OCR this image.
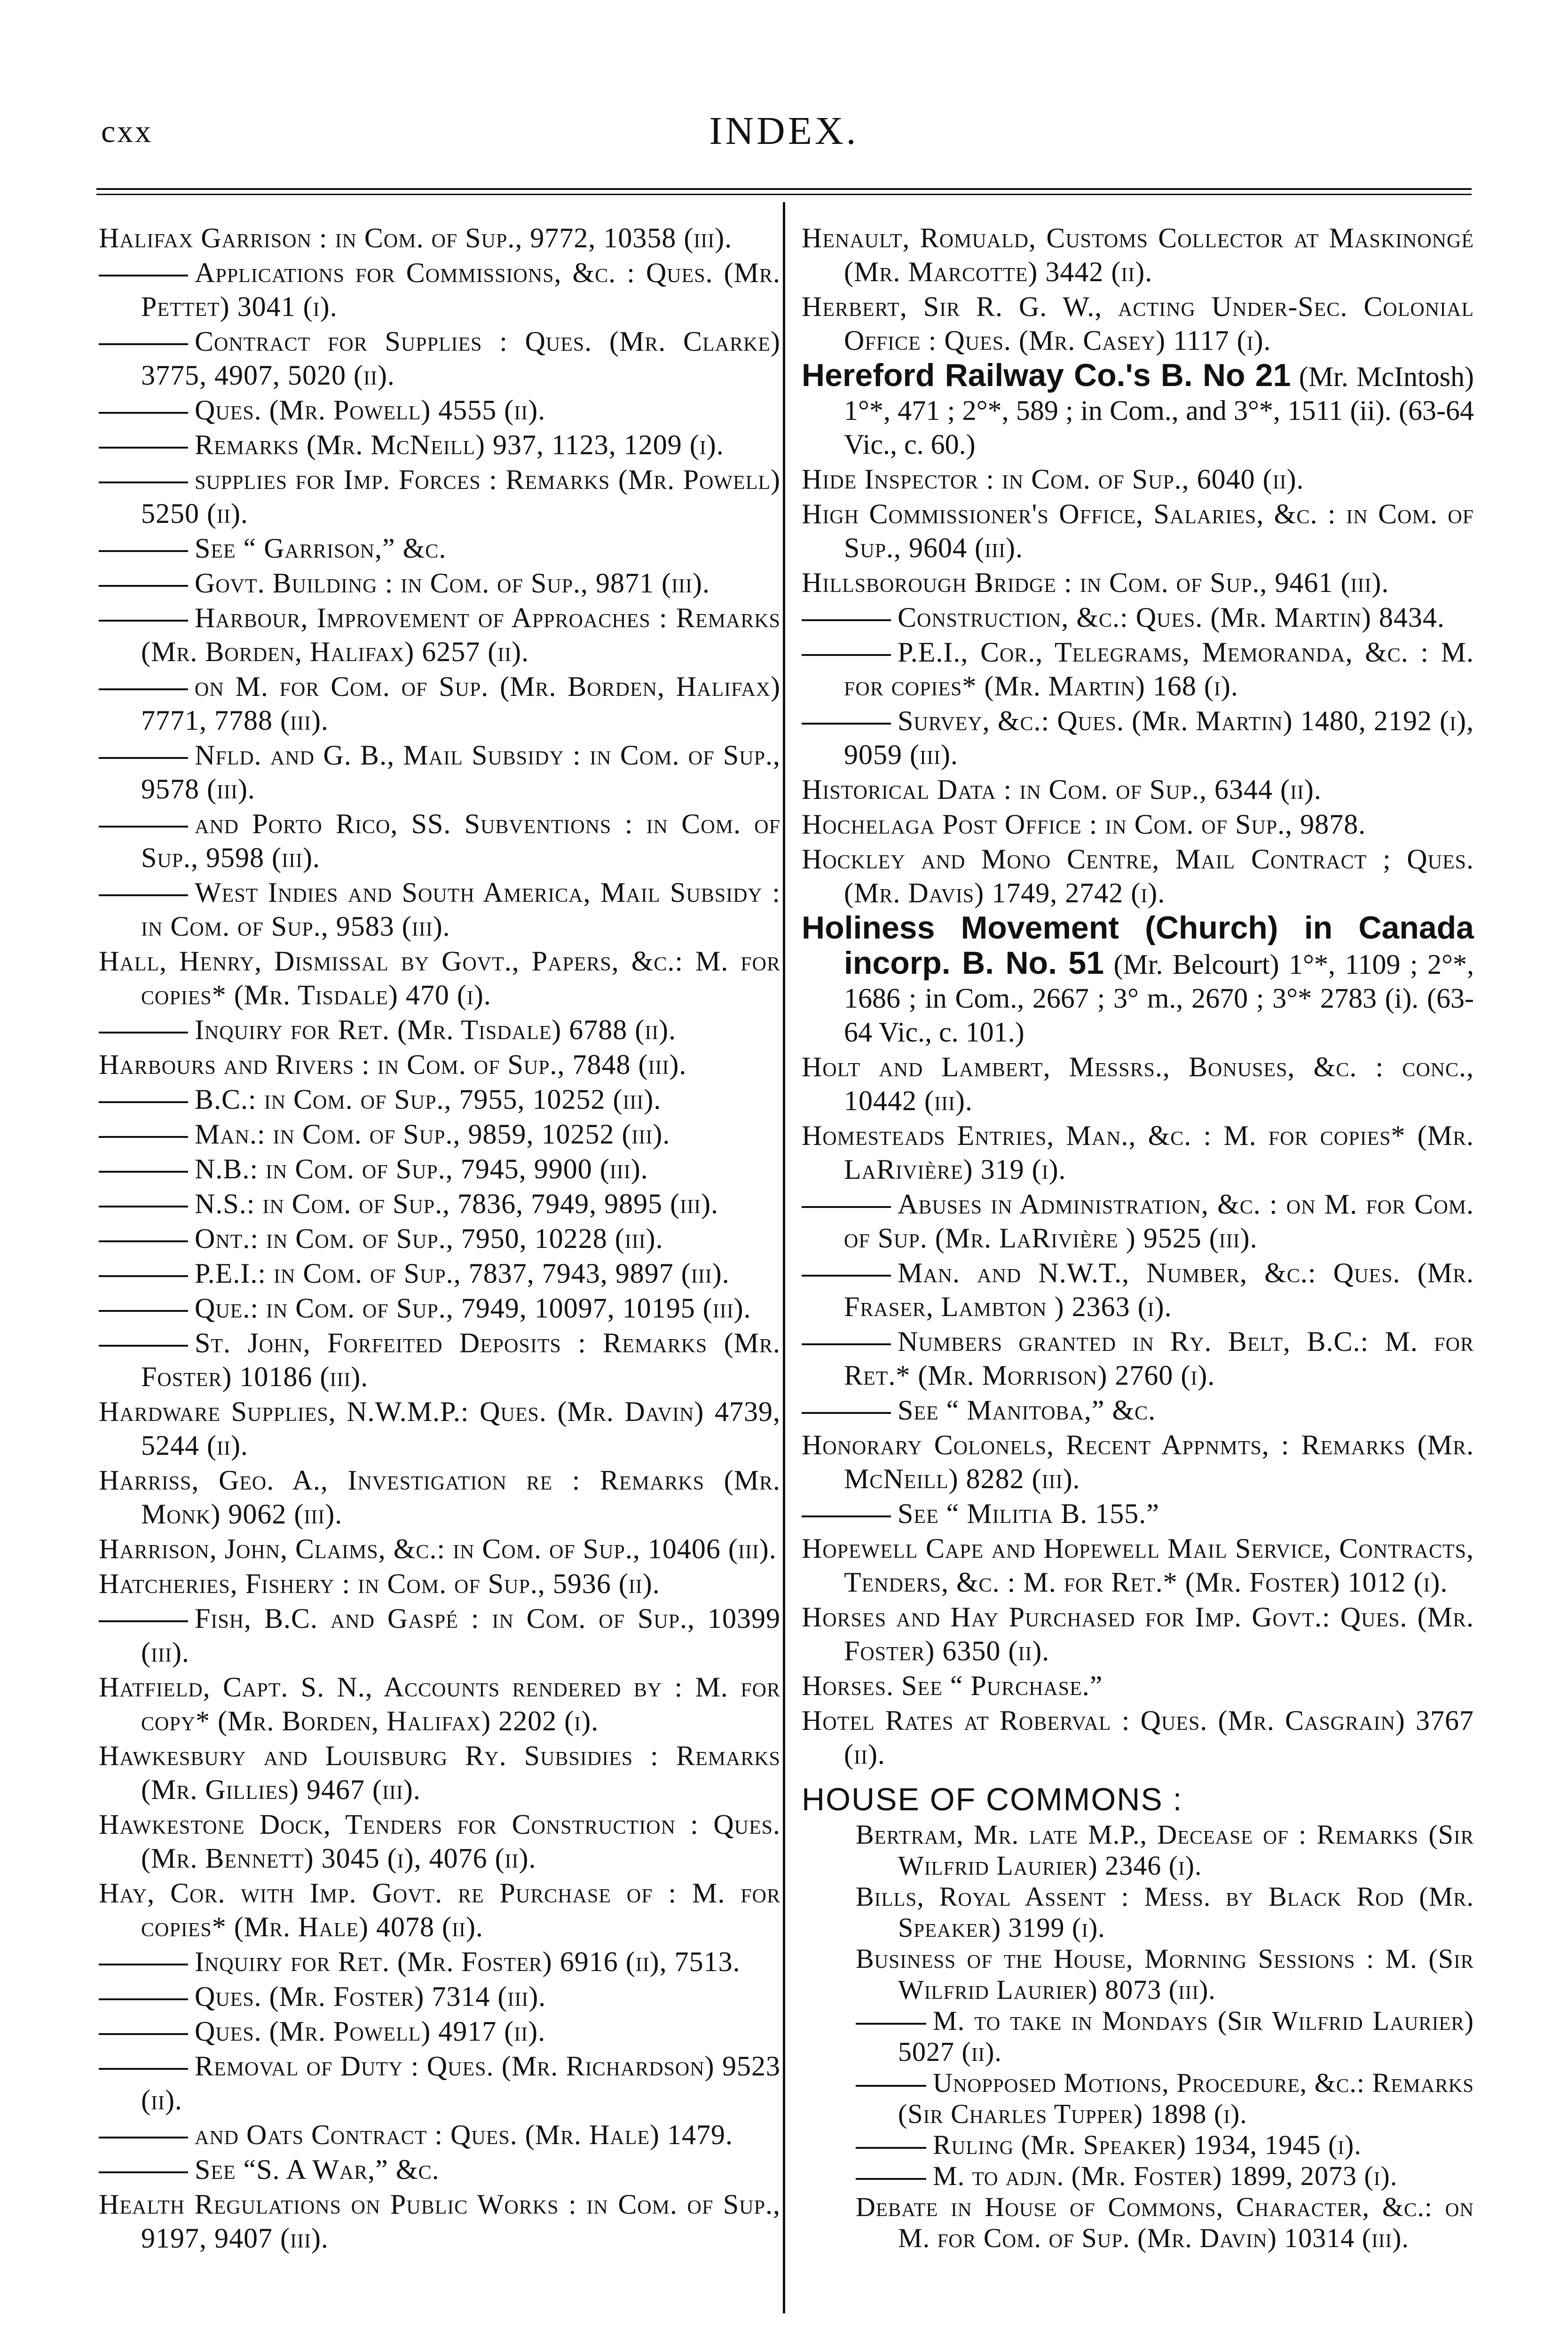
cxx	INDEX.

Halifax Garrison : in Com. of Sup., 9772, 10358 (iii).

Applications for Commissions, &c. : Ques. (Mr. Pettet) 3041 (i).

Contract for Supplies : Ques. (Mr. Clarke) 3775, 4907, 5020 (ii).

Ques. (Mr. Powell) 4555 (ii).

Remarks (Mr. McNeill) 937, 1123, 1209 (i).

supplies for Imp. Forces : Remarks (Mr. Powell) 5250 (ii).

See “ Garrison,” &c.

Govt. Building : in Com. of Sup., 9871 (iii).

Harbour, Improvement of Approaches : Remarks (Mr. Borden, Halifax) 6257 (ii).

on M. for Com. of Sup. (Mr. Borden, Halifax) 7771, 7788 (iii).

Nfld. and G. B., Mail Subsidy : in Com. of Sup., 9578 (iii).

and Porto Rico, SS. Subventions : in Com. of Sup., 9598 (iii).

West Indies and South America, Mail Subsidy : in Com. of Sup., 9583 (iii).

Hall, Henry, Dismissal by Govt., Papers, &c.: M. for copies* (Mr. Tisdale) 470 (i).

Inquiry for Ret. (Mr. Tisdale) 6788 (ii).

Harbours and Rivers : in Com. of Sup., 7848 (iii).

B.C.: in Com. of Sup., 7955, 10252 (iii).

Man.: in Com. of Sup., 9859, 10252 (iii).

N.B.: in Com. of Sup., 7945, 9900 (iii).

N.S.: in Com. of Sup., 7836, 7949, 9895 (iii).

Ont.: in Com. of Sup., 7950, 10228 (iii).

P.E.I.: in Com. of Sup., 7837, 7943, 9897 (iii).

Que.: in Com. of Sup., 7949, 10097, 10195 (iii).

St. John, Forfeited Deposits : Remarks (Mr. Foster) 10186 (iii).

Hardware Supplies, N.W.M.P.: Ques. (Mr. Davin) 4739, 5244 (ii).

Harriss, Geo. A., Investigation re : Remarks (Mr. Monk) 9062 (iii).

Harrison, John, Claims, &c.: in Com. of Sup., 10406 (iii).

Hatcheries, Fishery : in Com. of Sup., 5936 (ii).

Fish, B.C. and Gaspé : in Com. of Sup., 10399 (iii).

Hatfield, Capt. S. N., Accounts rendered by : M. for copy* (Mr. Borden, Halifax) 2202 (i).

Hawkesbury and Louisburg Ry. Subsidies : Remarks (Mr. Gillies) 9467 (iii).

Hawkestone Dock, Tenders for Construction : Ques. (Mr. Bennett) 3045 (i), 4076 (ii).

Hay, Cor. with Imp. Govt. re Purchase of : M. for copies* (Mr. Hale) 4078 (ii).

Inquiry for Ret. (Mr. Foster) 6916 (ii), 7513.

Ques. (Mr. Foster) 7314 (iii).

Ques. (Mr. Powell) 4917 (ii).

Removal of Duty : Ques. (Mr. Richardson) 9523 (ii).

and Oats Contract : Ques. (Mr. Hale) 1479.

See “S. A War,” &c.

Health Regulations on Public Works : in Com. of Sup., 9197, 9407 (iii).

Henault, Romuald, Customs Collector at Maskinongé (Mr. Marcotte) 3442 (ii).

Herbert, Sir R. G. W., acting Under-Sec. Colonial Office : Ques. (Mr. Casey) 1117 (i).

Hereford Railway Co.'s B. No 21 (Mr. McIntosh) 1°*, 471 ; 2°*, 589 ; in Com., and 3°*, 1511 (ii). (63-64 Vic., c. 60.)

Hide Inspector : in Com. of Sup., 6040 (ii).

High Commissioner's Office, Salaries, &c. : in Com. of Sup., 9604 (iii).

Hillsborough Bridge : in Com. of Sup., 9461 (iii).

Construction, &c.: Ques. (Mr. Martin) 8434.

P.E.I., Cor., Telegrams, Memoranda, &c. : M. for copies* (Mr. Martin) 168 (i).

Survey, &c.: Ques. (Mr. Martin) 1480, 2192 (i), 9059 (iii).

Historical Data : in Com. of Sup., 6344 (ii).

Hochelaga Post Office : in Com. of Sup., 9878.

Hockley and Mono Centre, Mail Contract ; Ques. (Mr. Davis) 1749, 2742 (i).

Holiness Movement (Church) in Canada incorp. B. No. 51 (Mr. Belcourt) 1°*, 1109 ; 2°*, 1686 ; in Com., 2667 ; 3° m., 2670 ; 3°* 2783 (i). (63-64 Vic., c. 101.)

Holt and Lambert, Messrs., Bonuses, &c. : conc., 10442 (iii).

Homesteads Entries, Man., &c. : M. for copies* (Mr. LaRivière) 319 (i).

Abuses in Administration, &c. : on M. for Com. of Sup. (Mr. LaRivière ) 9525 (iii).

Man. and N.W.T., Number, &c.: Ques. (Mr. Fraser, Lambton ) 2363 (i).

Numbers granted in Ry. Belt, B.C.: M. for Ret.* (Mr. Morrison) 2760 (i).

See “ Manitoba,” &c.

Honorary Colonels, Recent Appnmts, : Remarks (Mr. McNeill) 8282 (iii).

See “ Militia B. 155.”

Hopewell Cape and Hopewell Mail Service, Contracts, Tenders, &c. : M. for Ret.* (Mr. Foster) 1012 (i).

Horses and Hay Purchased for Imp. Govt.: Ques. (Mr. Foster) 6350 (ii).

Horses. See “ Purchase.”

Hotel Rates at Roberval : Ques. (Mr. Casgrain) 3767 (ii).

HOUSE OF COMMONS :

Bertram, Mr. late M.P., Decease of : Remarks (Sir Wilfrid Laurier) 2346 (i).

Bills, Royal Assent : Mess. by Black Rod (Mr. Speaker) 3199 (i).

Business of the House, Morning Sessions : M. (Sir Wilfrid Laurier) 8073 (iii).

M. to take in Mondays (Sir Wilfrid Laurier) 5027 (ii).

Unopposed Motions, Procedure, &c.: Remarks (Sir Charles Tupper) 1898 (i).

Ruling (Mr. Speaker) 1934, 1945 (i).

M. to adjn. (Mr. Foster) 1899, 2073 (i).

Debate in House of Commons, Character, &c.: on M. for Com. of Sup. (Mr. Davin) 10314 (iii).
